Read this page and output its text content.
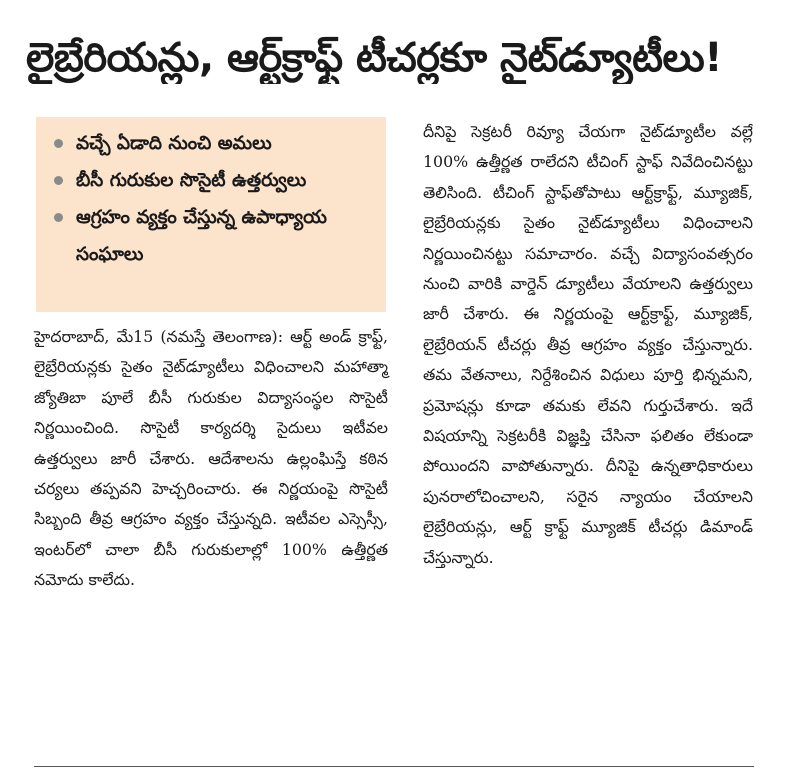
లైబ్రేరియన్లు, ఆర్ట్‌క్రాఫ్ట్ టీచర్లకూ నైట్‌డ్యూటీలు!
వచ్చే ఏడాది నుంచి అమలు
బీసీ గురుకుల సొసైటీ ఉత్తర్వులు
ఆగ్రహం వ్యక్తం చేస్తున్న ఉపాధ్యాయ సంఘాలు
హైదరాబాద్, మే15 (నమస్తే తెలంగాణ): ఆర్ట్ అండ్ క్రాఫ్ట్, లైబ్రేరియన్లకు సైతం నైట్‌డ్యూటీలు విధించాలని మహాత్మా జ్యోతిబా పూలే బీసీ గురుకుల విద్యాసంస్థల సొసైటీ నిర్ణయించింది. సొసైటీ కార్యదర్శి సైదులు ఇటీవల ఉత్తర్వులు జారీ చేశారు. ఆదేశాలను ఉల్లంఘిస్తే కఠిన చర్యలు తప్పవని హెచ్చరించారు. ఈ నిర్ణయంపై సొసైటీ సిబ్బంది తీవ్ర ఆగ్రహం వ్యక్తం చేస్తున్నది. ఇటీవల ఎస్సెస్సీ, ఇంటర్‌లో చాలా బీసీ గురుకులాల్లో 100% ఉత్తీర్ణత నమోదు కాలేదు.
దీనిపై సెక్రటరీ రివ్యూ చేయగా నైట్‌డ్యూటీల వల్లే 100% ఉత్తీర్ణత రాలేదని టీచింగ్ స్టాఫ్ నివేదించినట్టు తెలిసింది. టీచింగ్ స్టాఫ్‌తోపాటు ఆర్ట్‌క్రాఫ్ట్, మ్యూజిక్, లైబ్రేరియన్లకు సైతం నైట్‌డ్యూటీలు విధించాలని నిర్ణయించినట్టు సమాచారం. వచ్చే విద్యాసంవత్సరం నుంచి వారికి వార్డెన్ డ్యూటీలు వేయాలని ఉత్తర్వులు జారీ చేశారు. ఈ నిర్ణయంపై ఆర్ట్‌క్రాఫ్ట్, మ్యూజిక్, లైబ్రేరియన్ టీచర్లు తీవ్ర ఆగ్రహం వ్యక్తం చేస్తున్నారు. తమ వేతనాలు, నిర్దేశించిన విధులు పూర్తి భిన్నమని, ప్రమోషన్లు కూడా తమకు లేవని గుర్తుచేశారు. ఇదే విషయాన్ని సెక్రటరీకి విజ్ఞప్తి చేసినా ఫలితం లేకుండా పోయిందని వాపోతున్నారు. దీనిపై ఉన్నతాధికారులు పునరాలోచించాలని, సరైన న్యాయం చేయాలని లైబ్రేరియన్లు, ఆర్ట్ క్రాఫ్ట్ మ్యూజిక్ టీచర్లు డిమాండ్ చేస్తున్నారు.
